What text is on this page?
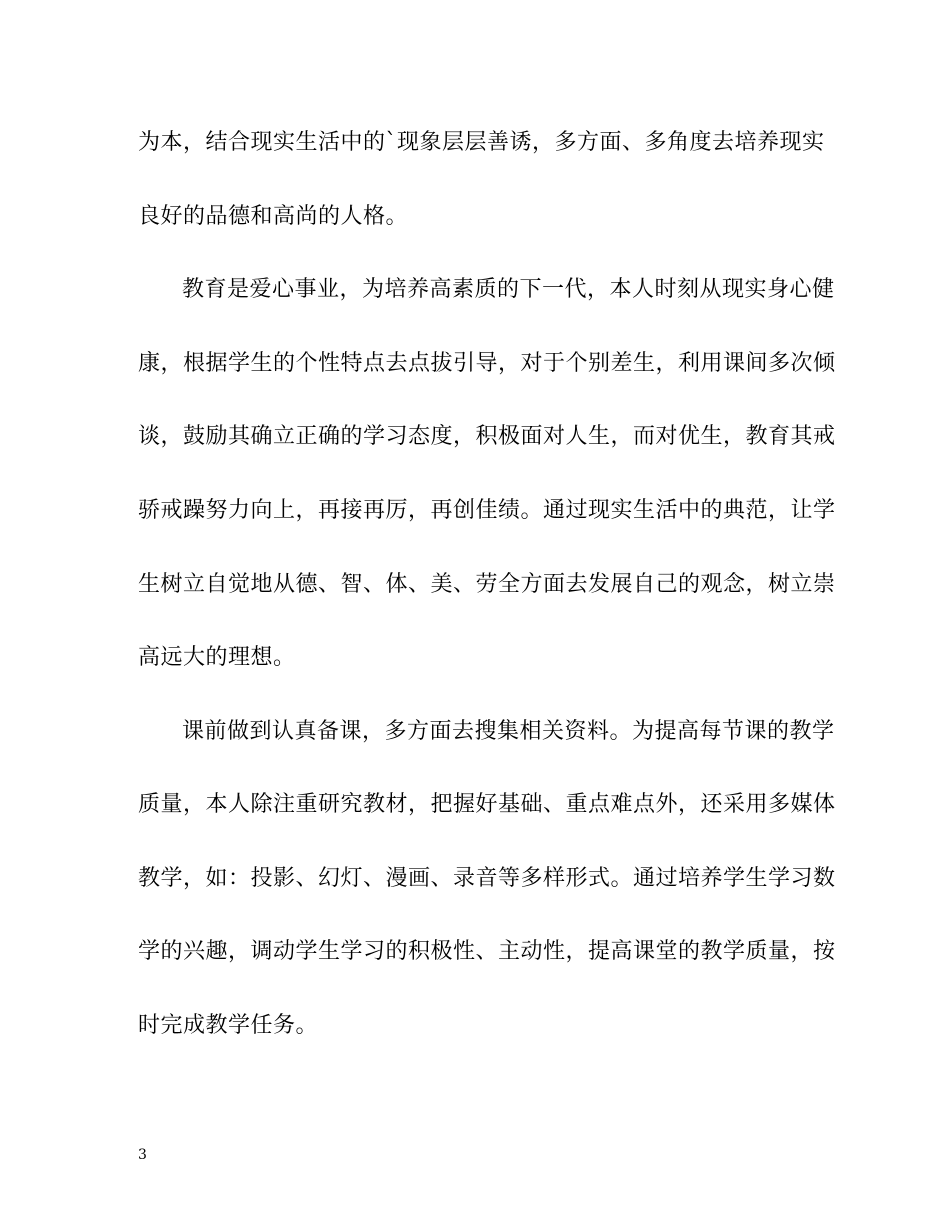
为本，结合现实生活中的`现象层层善诱，多方面、多角度去培养现实
良好的品德和高尚的人格。
教育是爱心事业，为培养高素质的下一代，本人时刻从现实身心健
康，根据学生的个性特点去点拔引导，对于个别差生，利用课间多次倾
谈，鼓励其确立正确的学习态度，积极面对人生，而对优生，教育其戒
骄戒躁努力向上，再接再厉，再创佳绩。通过现实生活中的典范，让学
生树立自觉地从德、智、体、美、劳全方面去发展自己的观念，树立崇
高远大的理想。
课前做到认真备课，多方面去搜集相关资料。为提高每节课的教学
质量，本人除注重研究教材，把握好基础、重点难点外，还采用多媒体
教学，如：投影、幻灯、漫画、录音等多样形式。通过培养学生学习数
学的兴趣，调动学生学习的积极性、主动性，提高课堂的教学质量，按
时完成教学任务。
3
